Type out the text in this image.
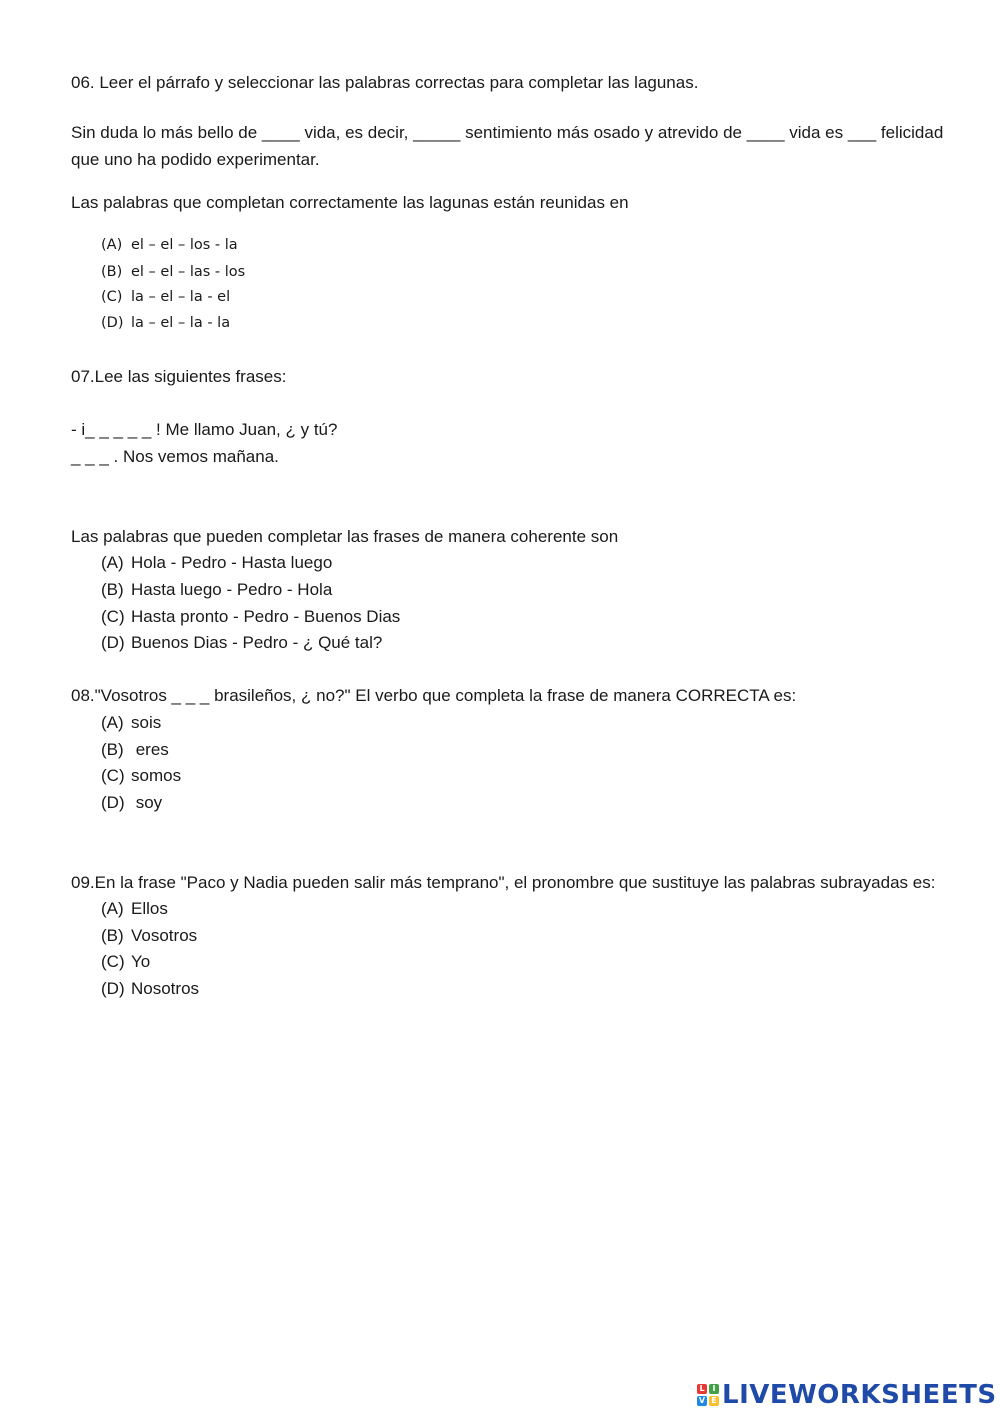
06. Leer el párrafo y seleccionar las palabras correctas para completar las lagunas.
Sin duda lo más bello de ____ vida, es decir, _____ sentimiento más osado y atrevido de ____ vida es ___ felicidad
que uno ha podido experimentar.
Las palabras que completan correctamente las lagunas están reunidas en
(A) el – el – los - la
(B) el – el – las - los
(C) la – el – la - el
(D) la – el – la - la
07.Lee las siguientes frases:
- i_ _ _ _ _ ! Me llamo Juan, ¿ y tú?
_ _ _ . Nos vemos mañana.
Las palabras que pueden completar las frases de manera coherente son
(A) Hola - Pedro - Hasta luego
(B) Hasta luego - Pedro - Hola
(C) Hasta pronto - Pedro - Buenos Dias
(D) Buenos Dias - Pedro - ¿ Qué tal?
08."Vosotros _ _ _ brasileños, ¿ no?" El verbo que completa la frase de manera CORRECTA es:
(A) sois
(B) eres
(C) somos
(D) soy
09.En la frase "Paco y Nadia pueden salir más temprano", el pronombre que sustituye las palabras subrayadas es:
(A) Ellos
(B) Vosotros
(C) Yo
(D) Nosotros
L I
V E LIVEWORKSHEETS
